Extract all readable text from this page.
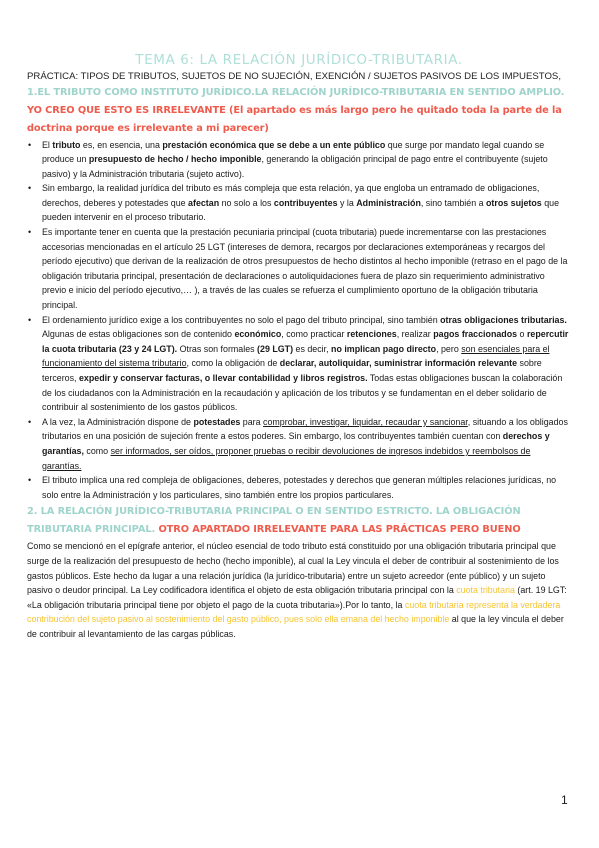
TEMA 6: LA RELACIÓN JURÍDICO-TRIBUTARIA.
PRÁCTICA: TIPOS DE TRIBUTOS, SUJETOS DE NO SUJECIÓN, EXENCIÓN / SUJETOS PASIVOS DE LOS IMPUESTOS,
1.EL TRIBUTO COMO INSTITUTO JURÍDICO.LA RELACIÓN JURÍDICO-TRIBUTARIA EN SENTIDO AMPLIO. YO CREO QUE ESTO ES IRRELEVANTE (El apartado es más largo pero he quitado toda la parte de la doctrina porque es irrelevante a mi parecer)
• El tributo es, en esencia, una prestación económica que se debe a un ente público que surge por mandato legal cuando se produce un presupuesto de hecho / hecho imponible, generando la obligación principal de pago entre el contribuyente (sujeto pasivo) y la Administración tributaria (sujeto activo).
• Sin embargo, la realidad jurídica del tributo es más compleja que esta relación, ya que engloba un entramado de obligaciones, derechos, deberes y potestades que afectan no solo a los contribuyentes y la Administración, sino también a otros sujetos que pueden intervenir en el proceso tributario.
• Es importante tener en cuenta que la prestación pecuniaria principal (cuota tributaria) puede incrementarse con las prestaciones accesorias mencionadas en el artículo 25 LGT (intereses de demora, recargos por declaraciones extemporáneas y recargos del período ejecutivo) que derivan de la realización de otros presupuestos de hecho distintos al hecho imponible (retraso en el pago de la obligación tributaria principal, presentación de declaraciones o autoliquidaciones fuera de plazo sin requerimiento administrativo previo e inicio del período ejecutivo,… ), a través de las cuales se refuerza el cumplimiento oportuno de la obligación tributaria principal.
• El ordenamiento jurídico exige a los contribuyentes no solo el pago del tributo principal, sino también otras obligaciones tributarias. Algunas de estas obligaciones son de contenido económico, como practicar retenciones, realizar pagos fraccionados o repercutir la cuota tributaria (23 y 24 LGT). Otras son formales (29 LGT) es decir, no implican pago directo, pero son esenciales para el funcionamiento del sistema tributario, como la obligación de declarar, autoliquidar, suministrar información relevante sobre terceros, expedir y conservar facturas, o llevar contabilidad y libros registros. Todas estas obligaciones buscan la colaboración de los ciudadanos con la Administración en la recaudación y aplicación de los tributos y se fundamentan en el deber solidario de contribuir al sostenimiento de los gastos públicos.
• A la vez, la Administración dispone de potestades para comprobar, investigar, liquidar, recaudar y sancionar, situando a los obligados tributarios en una posición de sujeción frente a estos poderes. Sin embargo, los contribuyentes también cuentan con derechos y garantías, como ser informados, ser oídos, proponer pruebas o recibir devoluciones de ingresos indebidos y reembolsos de garantías.
• El tributo implica una red compleja de obligaciones, deberes, potestades y derechos que generan múltiples relaciones jurídicas, no solo entre la Administración y los particulares, sino también entre los propios particulares.
2. LA RELACIÓN JURÍDICO-TRIBUTARIA PRINCIPAL O EN SENTIDO ESTRICTO. LA OBLIGACIÓN TRIBUTARIA PRINCIPAL. OTRO APARTADO IRRELEVANTE PARA LAS PRÁCTICAS PERO BUENO

Como se mencionó en el epígrafe anterior, el núcleo esencial de todo tributo está constituido por una obligación tributaria principal que surge de la realización del presupuesto de hecho (hecho imponible), al cual la Ley vincula el deber de contribuir al sostenimiento de los gastos públicos. Este hecho da lugar a una relación jurídica (la jurídico-tributaria) entre un sujeto acreedor (ente público) y un sujeto pasivo o deudor principal. La Ley codificadora identifica el objeto de esta obligación tributaria principal con la cuota tributaria (art. 19 LGT: «La obligación tributaria principal tiene por objeto el pago de la cuota tributaria»).Por lo tanto, la cuota tributaria representa la verdadera contribución del sujeto pasivo al sostenimiento del gasto público, pues solo ella emana del hecho imponible al que la ley vincula el deber de contribuir al levantamiento de las cargas públicas.

1
